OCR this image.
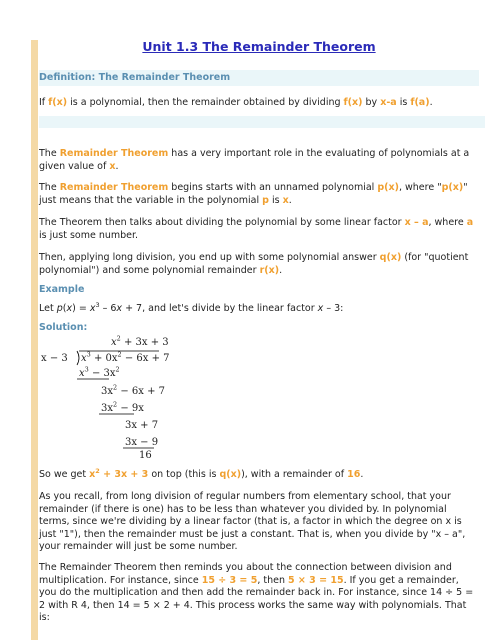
Unit 1.3 The Remainder Theorem
Definition: The Remainder Theorem

If f(x) is a polynomial, then the remainder obtained by dividing f(x) by x-a is f(a).

The Remainder Theorem has a very important role in the evaluating of polynomials at a given value of x.

The Remainder Theorem begins starts with an unnamed polynomial p(x), where "p(x)" just means that the variable in the polynomial p is x.

The Theorem then talks about dividing the polynomial by some linear factor x – a, where a is just some number.

Then, applying long division, you end up with some polynomial answer q(x) (for "quotient polynomial") and some polynomial remainder r(x).

Example

Let $p(x) = x^3 - 6x + 7$, and let's divide by the linear factor x – 3:

Solution:

$x^2 + 3x + 3$
x − 3 $x^3 + 0x^2 - 6x + 7$
$x^3 - 3x^2$
$3x^2 - 6x + 7$
$3x^2 - 9x$
3x + 7
3x − 9
16

So we get $x^2 + 3x + 3$ on top (this is q(x)), with a remainder of 16.

As you recall, from long division of regular numbers from elementary school, that your remainder (if there is one) has to be less than whatever you divided by. In polynomial terms, since we're dividing by a linear factor (that is, a factor in which the degree on x is just "1"), then the remainder must be just a constant. That is, when you divide by "x – a", your remainder will just be some number.

The Remainder Theorem then reminds you about the connection between division and multiplication. For instance, since 15 ÷ 3 = 5, then 5 × 3 = 15. If you get a remainder, you do the multiplication and then add the remainder back in. For instance, since 14 ÷ 5 = 2 with R 4, then 14 = 5 × 2 + 4. This process works the same way with polynomials. That is:
